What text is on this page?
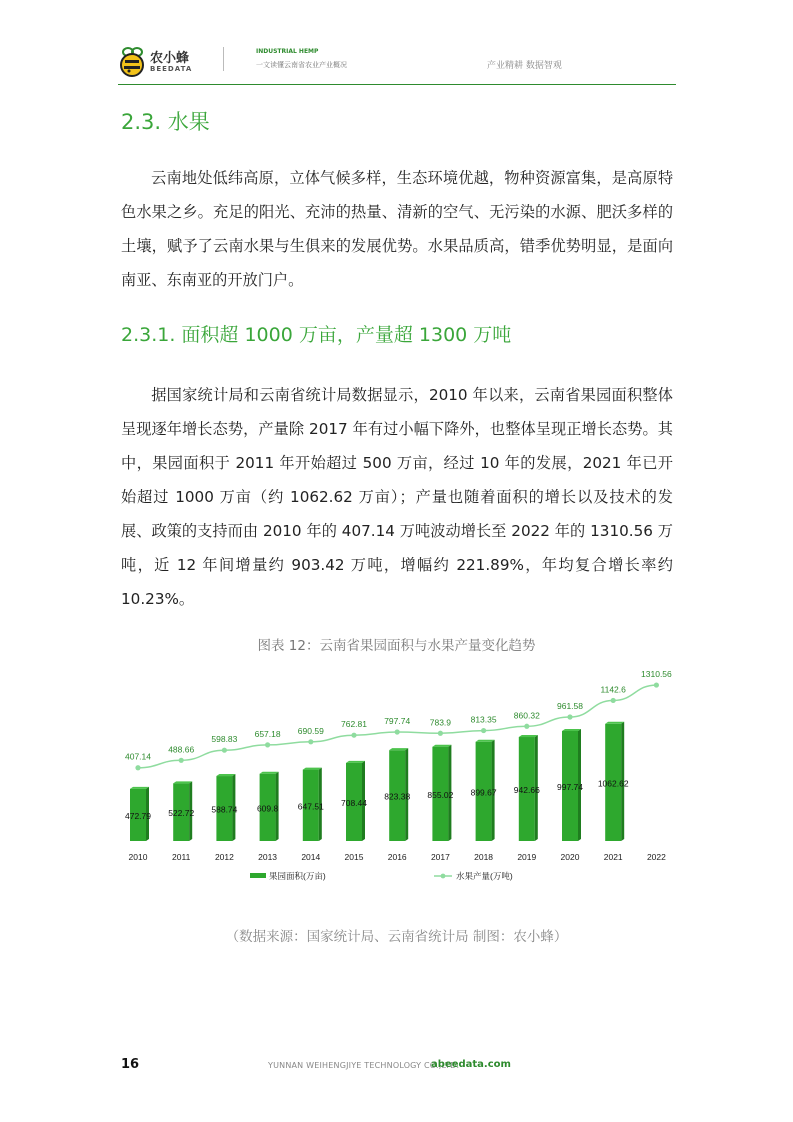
农小蜂
BEEDATA
INDUSTRIAL HEMP
一文读懂云南省农业产业概况	产业精耕 数据智观
2.3. 水果
云南地处低纬高原，立体气候多样，生态环境优越，物种资源富集，是高原特色水果之乡。充足的阳光、充沛的热量、清新的空气、无污染的水源、肥沃多样的土壤，赋予了云南水果与生俱来的发展优势。水果品质高，错季优势明显，是面向南亚、东南亚的开放门户。
2.3.1. 面积超 1000 万亩，产量超 1300 万吨
据国家统计局和云南省统计局数据显示，2010 年以来，云南省果园面积整体呈现逐年增长态势，产量除 2017 年有过小幅下降外，也整体呈现正增长态势。其中，果园面积于 2011 年开始超过 500 万亩，经过 10 年的发展，2021 年已开始超过 1000 万亩（约 1062.62 万亩）；产量也随着面积的增长以及技术的发展、政策的支持而由 2010 年的 407.14 万吨波动增长至 2022 年的 1310.56 万吨，近 12 年间增量约 903.42 万吨，增幅约 221.89%，年均复合增长率约 10.23%。
图表 12：云南省果园面积与水果产量变化趋势
472.79 522.72 588.74 609.8 647.51 708.44
823.38 855.02 899.67 942.66 997.74 1062.62
407.14
488.66
598.83
657.18 690.59
762.81 797.74 783.9 813.35 860.32
961.58
1142.6
1310.56
2010	2011	2012	2013	2014	2015	2016	2017	2018	2019	2020	2021	2022
果园面积(万亩)	水果产量(万吨)
（数据来源：国家统计局、云南省统计局 制图：农小蜂）
16	YUNNAN WEIHENGJIYE TECHNOLOGY CO.,LTD.
abeedata.com
